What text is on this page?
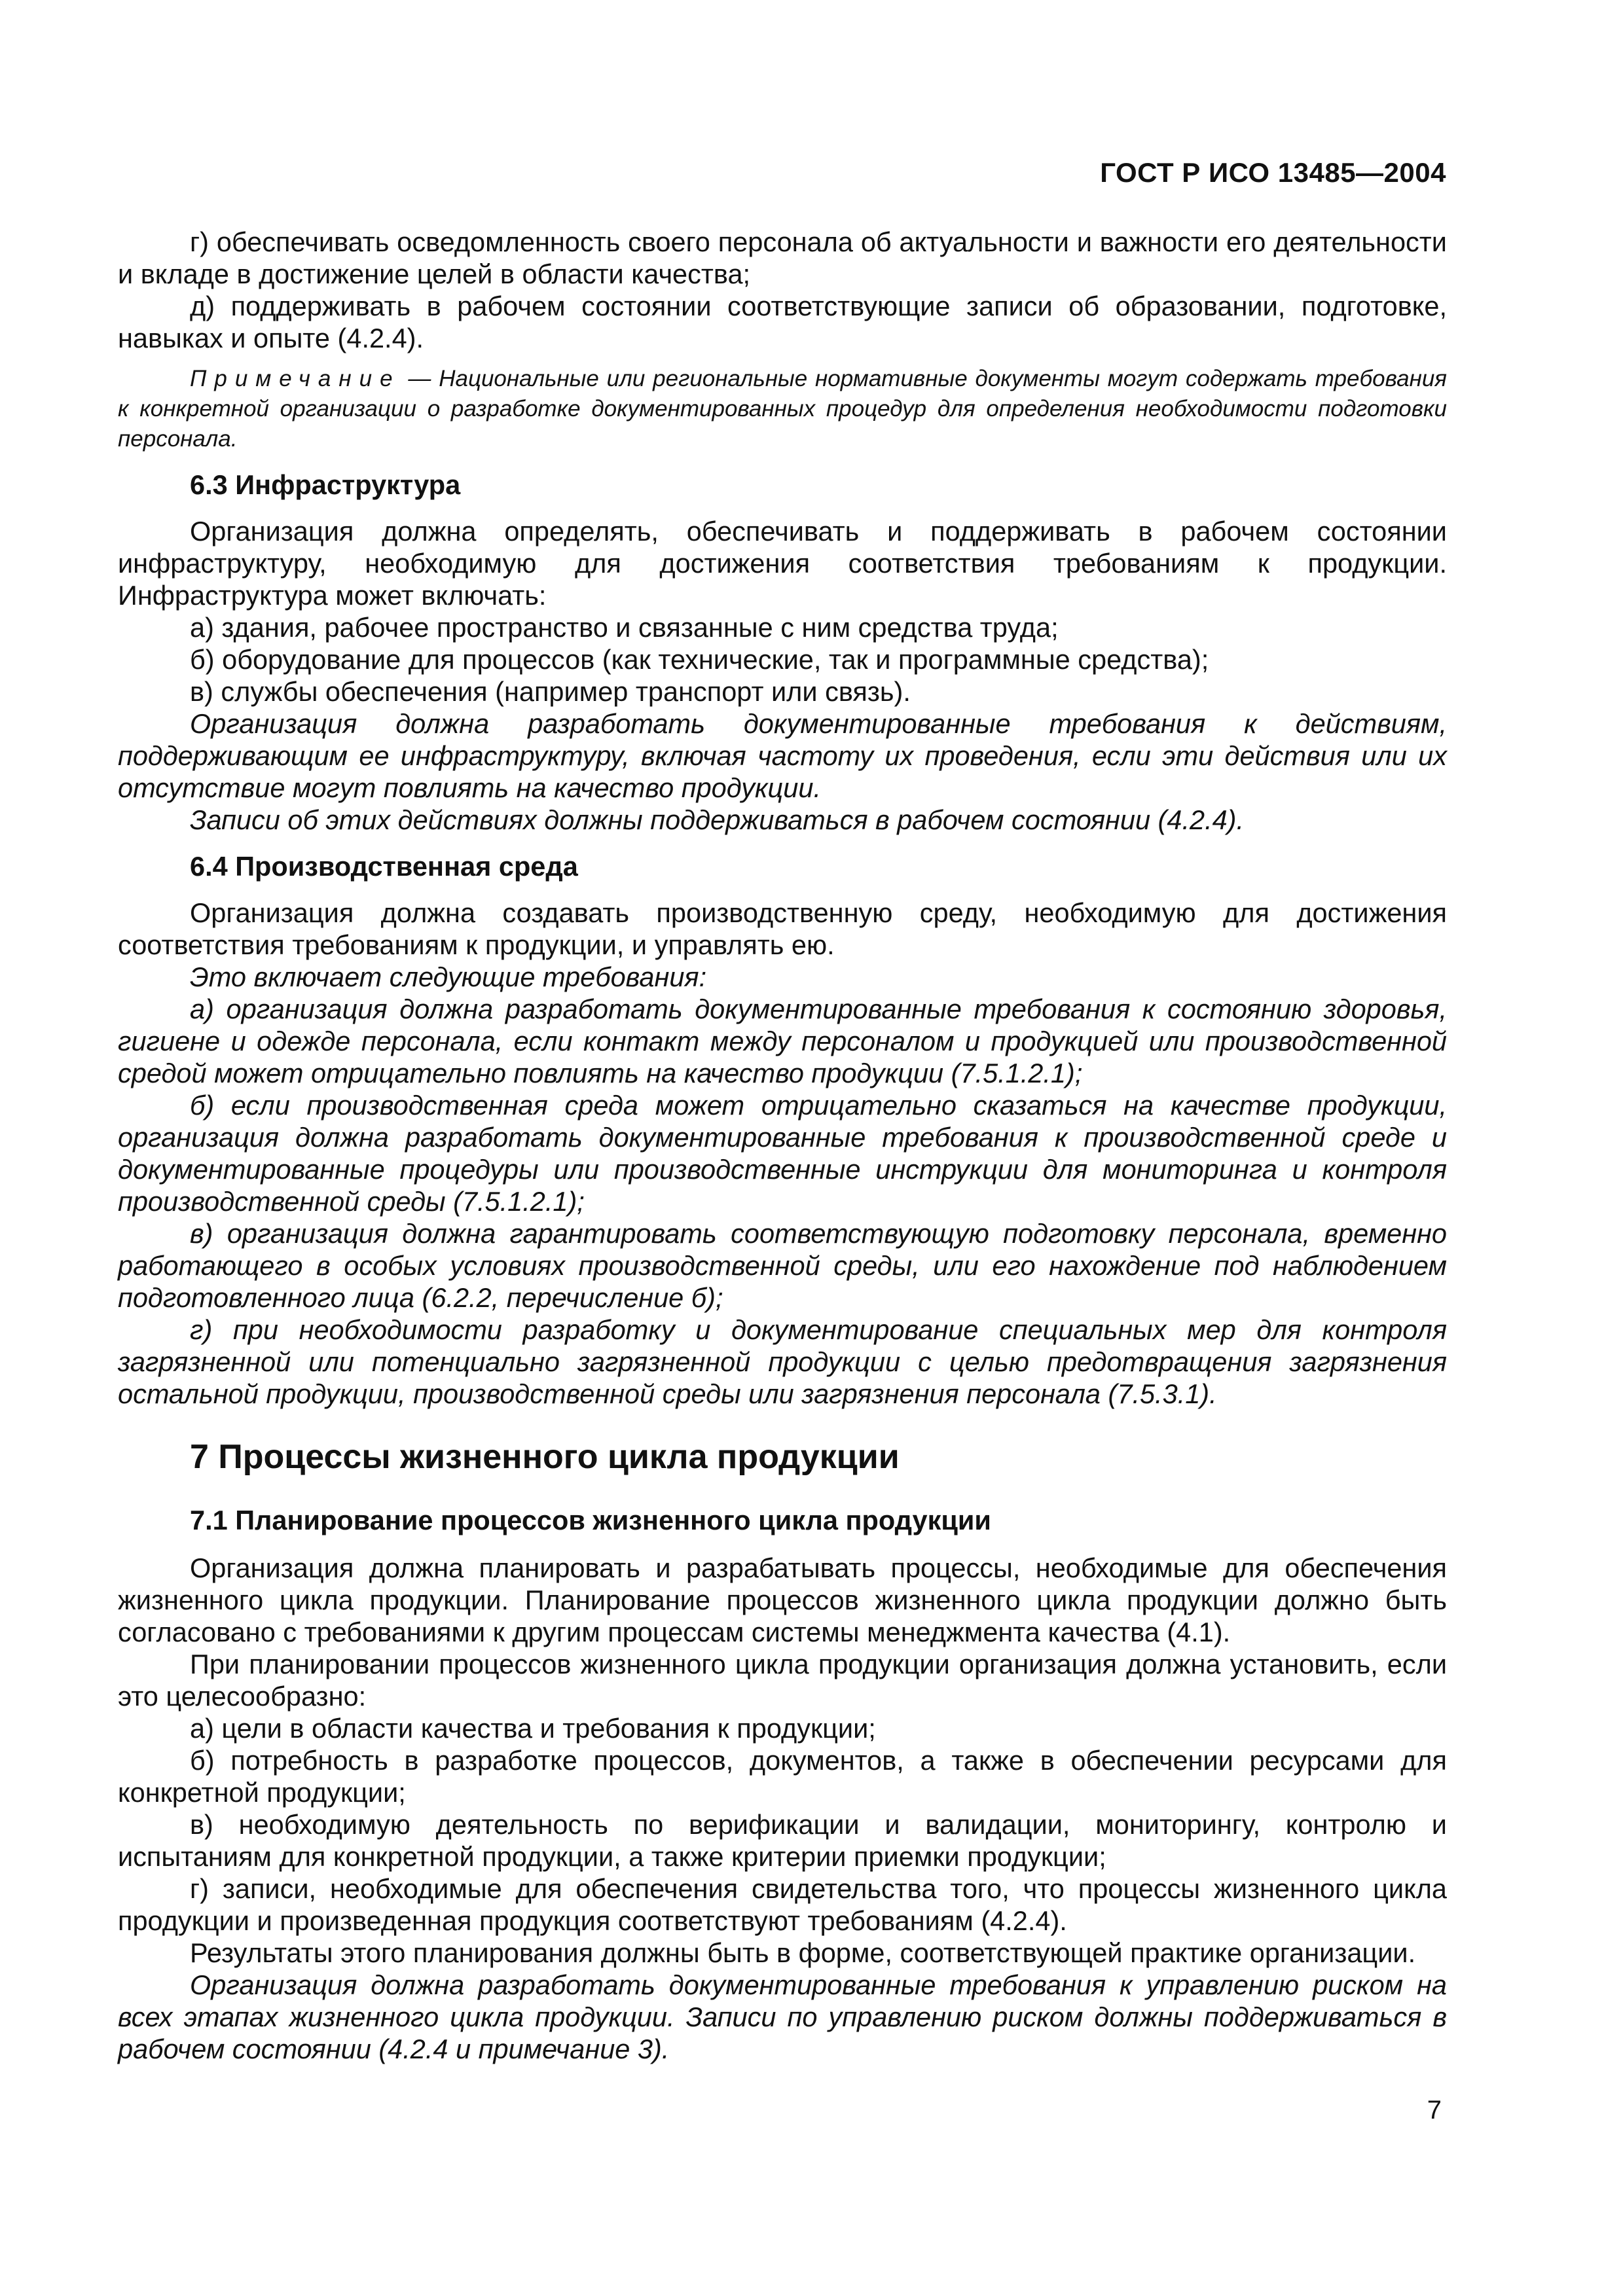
ГОСТ Р ИСО 13485—2004

г) обеспечивать осведомленность своего персонала об актуальности и важности его деятельности и вкладе в достижение целей в области качества;

д) поддерживать в рабочем состоянии соответствующие записи об образовании, подготовке, навыках и опыте (4.2.4).

Примечание — Национальные или региональные нормативные документы могут содержать требования к конкретной организации о разработке документированных процедур для определения необходимости подготовки персонала.

6.3 Инфраструктура

Организация должна определять, обеспечивать и поддерживать в рабочем состоянии инфраструктуру, необходимую для достижения соответствия требованиям к продукции. Инфраструктура может включать:

а) здания, рабочее пространство и связанные с ним средства труда;

б) оборудование для процессов (как технические, так и программные средства);

в) службы обеспечения (например транспорт или связь).

Организация должна разработать документированные требования к действиям, поддерживающим ее инфраструктуру, включая частоту их проведения, если эти действия или их отсутствие могут повлиять на качество продукции.

Записи об этих действиях должны поддерживаться в рабочем состоянии (4.2.4).

6.4 Производственная среда

Организация должна создавать производственную среду, необходимую для достижения соответствия требованиям к продукции, и управлять ею.

Это включает следующие требования:

а) организация должна разработать документированные требования к состоянию здоровья, гигиене и одежде персонала, если контакт между персоналом и продукцией или производственной средой может отрицательно повлиять на качество продукции (7.5.1.2.1);

б) если производственная среда может отрицательно сказаться на качестве продукции, организация должна разработать документированные требования к производственной среде и документированные процедуры или производственные инструкции для мониторинга и контроля производственной среды (7.5.1.2.1);

в) организация должна гарантировать соответствующую подготовку персонала, временно работающего в особых условиях производственной среды, или его нахождение под наблюдением подготовленного лица (6.2.2, перечисление б);

г) при необходимости разработку и документирование специальных мер для контроля загрязненной или потенциально загрязненной продукции с целью предотвращения загрязнения остальной продукции, производственной среды или загрязнения персонала (7.5.3.1).

7 Процессы жизненного цикла продукции
7.1 Планирование процессов жизненного цикла продукции

Организация должна планировать и разрабатывать процессы, необходимые для обеспечения жизненного цикла продукции. Планирование процессов жизненного цикла продукции должно быть согласовано с требованиями к другим процессам системы менеджмента качества (4.1).

При планировании процессов жизненного цикла продукции организация должна установить, если это целесообразно:

а) цели в области качества и требования к продукции;

б) потребность в разработке процессов, документов, а также в обеспечении ресурсами для конкретной продукции;

в) необходимую деятельность по верификации и валидации, мониторингу, контролю и испытаниям для конкретной продукции, а также критерии приемки продукции;

г) записи, необходимые для обеспечения свидетельства того, что процессы жизненного цикла продукции и произведенная продукция соответствуют требованиям (4.2.4).

Результаты этого планирования должны быть в форме, соответствующей практике организации.

Организация должна разработать документированные требования к управлению риском на всех этапах жизненного цикла продукции. Записи по управлению риском должны поддерживаться в рабочем состоянии (4.2.4 и примечание 3).

7
